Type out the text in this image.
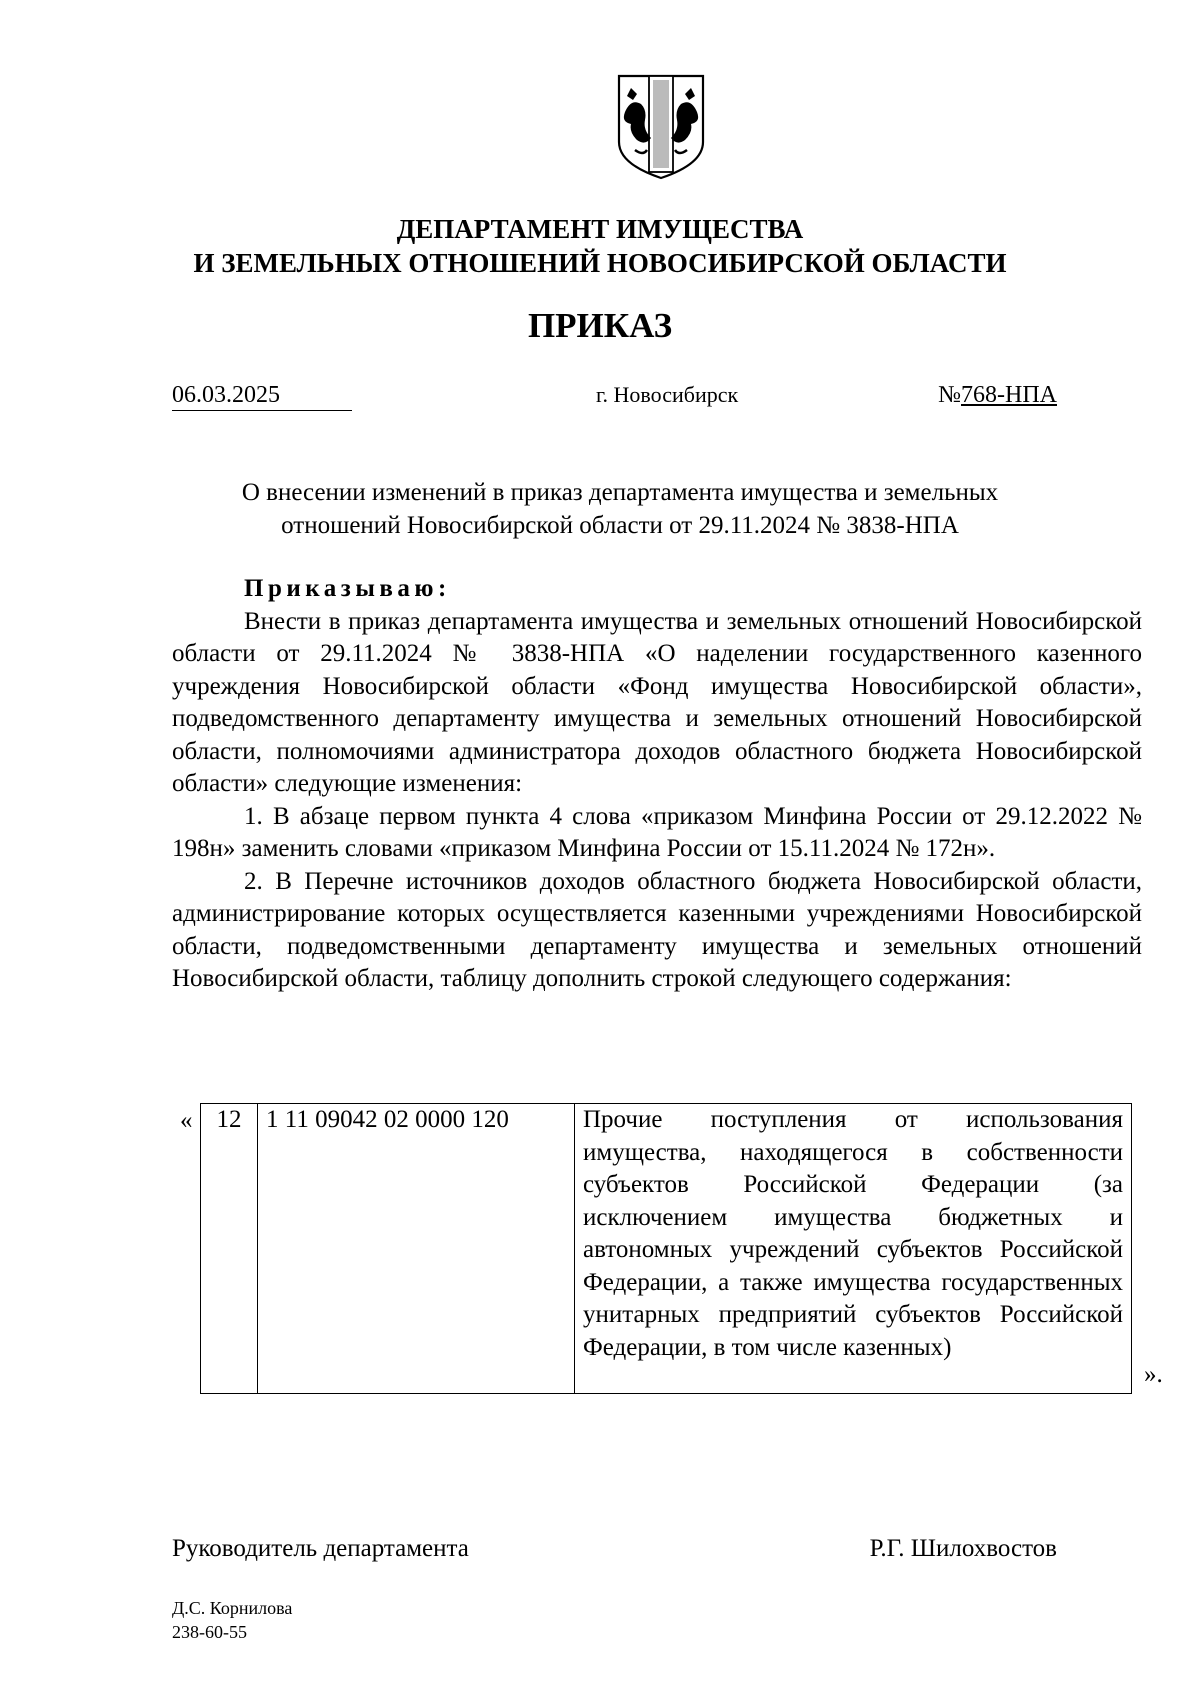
ДЕПАРТАМЕНТ ИМУЩЕСТВА
И ЗЕМЕЛЬНЫХ ОТНОШЕНИЙ НОВОСИБИРСКОЙ ОБЛАСТИ
ПРИКАЗ
06.03.2025	г. Новосибирск	№768-НПА
О внесении изменений в приказ департамента имущества и земельных
отношений Новосибирской области от 29.11.2024 № 3838-НПА
Приказываю:

Внести в приказ департамента имущества и земельных отношений Новосибирской области от 29.11.2024 № 3838-НПА «О наделении государственного казенного учреждения Новосибирской области «Фонд имущества Новосибирской области», подведомственного департаменту имущества и земельных отношений Новосибирской области, полномочиями администратора доходов областного бюджета Новосибирской области» следующие изменения:

1. В абзаце первом пункта 4 слова «приказом Минфина России от 29.12.2022 № 198н» заменить словами «приказом Минфина России от 15.11.2024 № 172н».

2. В Перечне источников доходов областного бюджета Новосибирской области, администрирование которых осуществляется казенными учреждениями Новосибирской области, подведомственными департаменту имущества и земельных отношений Новосибирской области, таблицу дополнить строкой следующего содержания:

« 12	1 11 09042 02 0000 120	Прочие поступления от использования имущества, находящегося в собственности субъектов Российской Федерации (за исключением имущества бюджетных и автономных учреждений субъектов Российской Федерации, а также имущества государственных унитарных предприятий субъектов Российской Федерации, в том числе казенных)
».
Руководитель департамента	Р.Г. Шилохвостов
Д.С. Корнилова
238-60-55
